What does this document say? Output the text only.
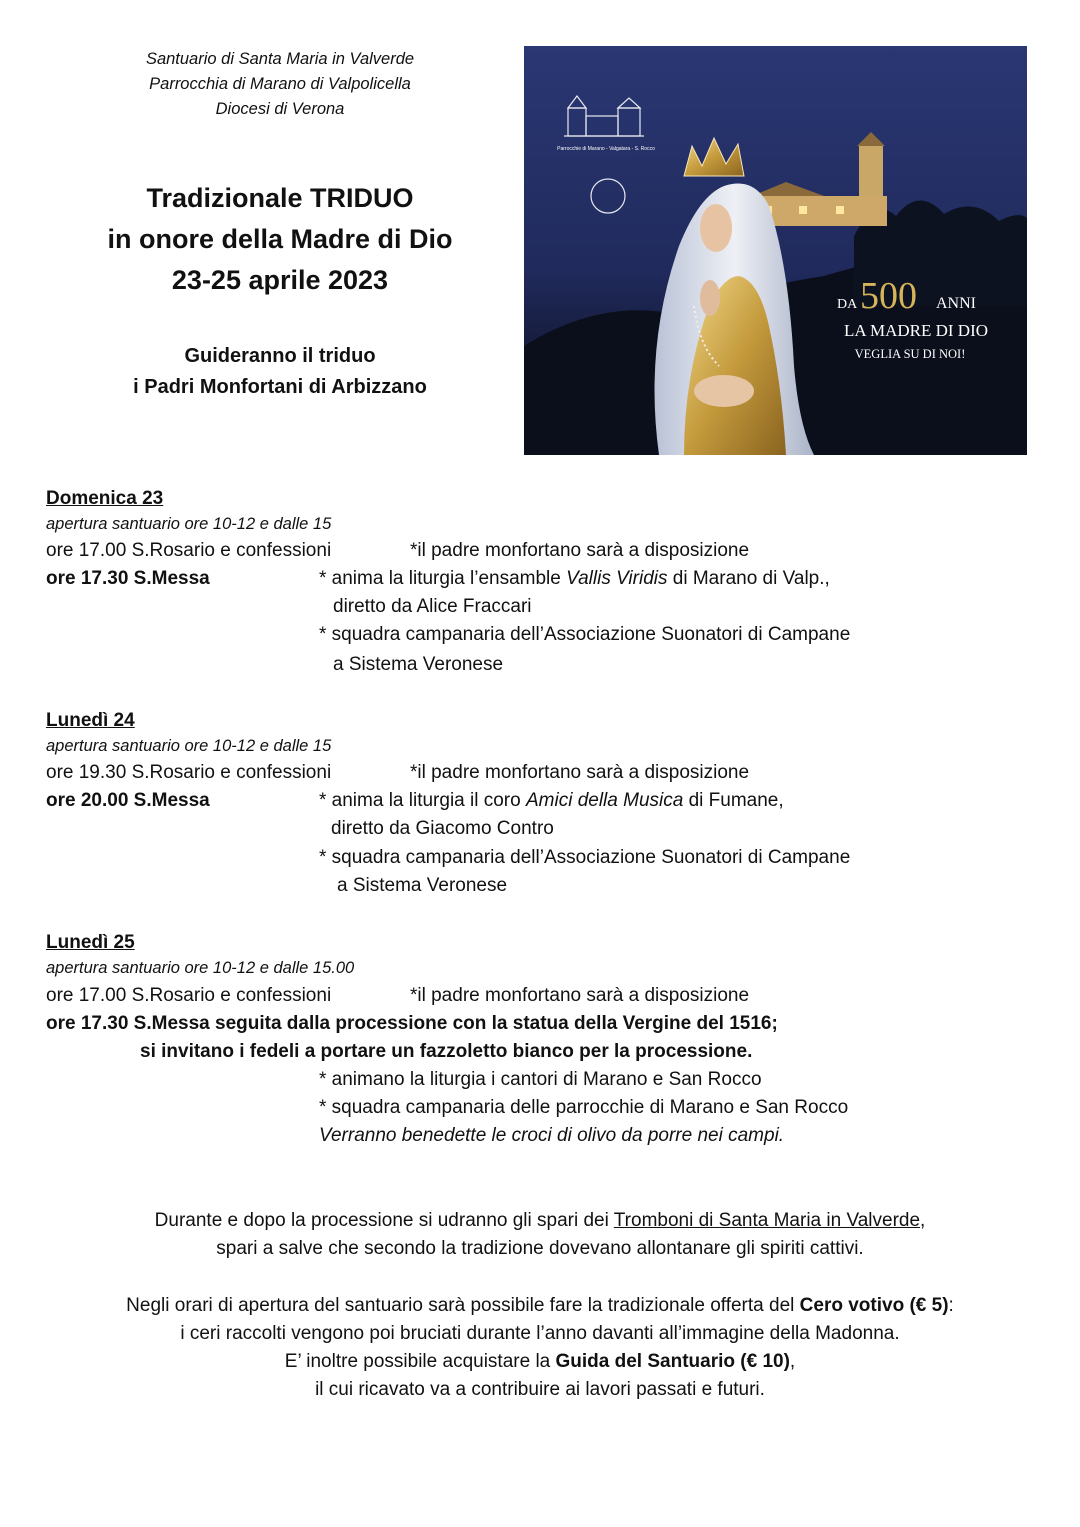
Santuario di Santa Maria in Valverde
Parrocchia di Marano di Valpolicella
Diocesi di Verona
Tradizionale TRIDUO
in onore della Madre di Dio
23-25 aprile 2023
Guideranno il triduo
i Padri Monfortani di Arbizzano
Parrocchie di Marano - Valgatara - S. Rocco
DA 500 ANNI
LA MADRE DI DIO
VEGLIA SU DI NOI!
Domenica 23
apertura santuario ore 10-12 e dalle 15
ore 17.00 S.Rosario e confessioni	*il padre monfortano sarà a disposizione
ore 17.30 S.Messa	* anima la liturgia l’ensamble Vallis Viridis di Marano di Valp.,
diretto da Alice Fraccari
* squadra campanaria dell’Associazione Suonatori di Campane
a Sistema Veronese
Lunedì 24
apertura santuario ore 10-12 e dalle 15
ore 19.30 S.Rosario e confessioni	*il padre monfortano sarà a disposizione
ore 20.00 S.Messa	* anima la liturgia il coro Amici della Musica di Fumane,
diretto da Giacomo Contro
* squadra campanaria dell’Associazione Suonatori di Campane
a Sistema Veronese
Lunedì 25
apertura santuario ore 10-12 e dalle 15.00
ore 17.00 S.Rosario e confessioni	*il padre monfortano sarà a disposizione
ore 17.30 S.Messa seguita dalla processione con la statua della Vergine del 1516;
si invitano i fedeli a portare un fazzoletto bianco per la processione.
* animano la liturgia i cantori di Marano e San Rocco
* squadra campanaria delle parrocchie di Marano e San Rocco
Verranno benedette le croci di olivo da porre nei campi.
Durante e dopo la processione si udranno gli spari dei Tromboni di Santa Maria in Valverde,
spari a salve che secondo la tradizione dovevano allontanare gli spiriti cattivi.
Negli orari di apertura del santuario sarà possibile fare la tradizionale offerta del Cero votivo (€ 5):
i ceri raccolti vengono poi bruciati durante l’anno davanti all’immagine della Madonna.
E’ inoltre possibile acquistare la Guida del Santuario (€ 10),
il cui ricavato va a contribuire ai lavori passati e futuri.
